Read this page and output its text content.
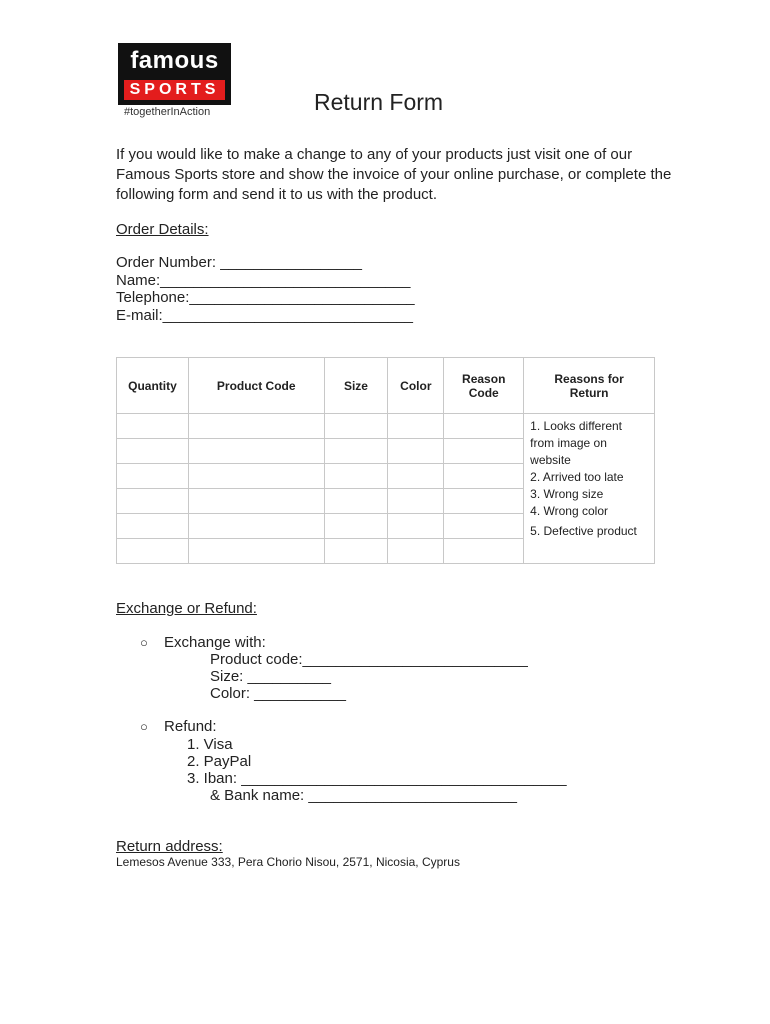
famous
SPORTS
#togetherInAction	Return Form
If you would like to make a change to any of your products just visit one of our Famous Sports store and show the invoice of your online purchase, or complete the following form and send it to us with the product.
Order Details:
Order Number: _________________
Name:______________________________
Telephone:___________________________
E-mail:______________________________
Quantity	Product Code	Size	Color	Reason Code	Reasons for Return

					1. Looks different from image on website
2. Arrived too late
3. Wrong size
4. Wrong color
5. Defective product

Exchange or Refund:
○ Exchange with:
Product code:___________________________
Size: __________
Color: ___________
○ Refund:
1. Visa
2. PayPal
3. Iban: _______________________________________
& Bank name: _________________________
Return address:
Lemesos Avenue 333, Pera Chorio Nisou, 2571, Nicosia, Cyprus
